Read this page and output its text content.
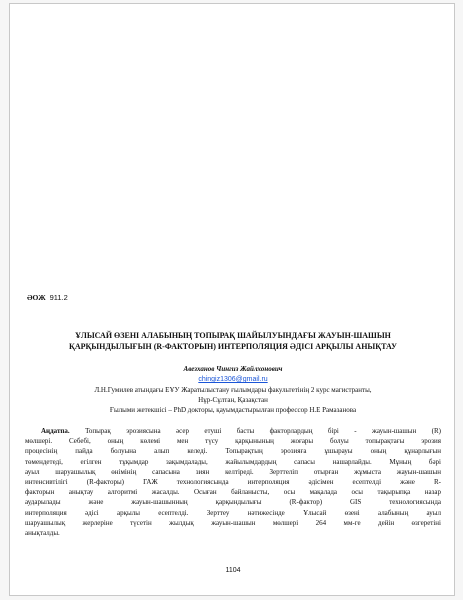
ӘОЖ 911.2
ҰЛЫСАЙ ӨЗЕНІ АЛАБЫНЫҢ ТОПЫРАҚ ШАЙЫЛУЫНДАҒЫ ЖАУЫН-ШАШЫН
ҚАРҚЫНДЫЛЫҒЫН (R-ФАКТОРЫН) ИНТЕРПОЛЯЦИЯ ӘДІСІ АРҚЫЛЫ АНЫҚТАУ
Авезханов Чингиз Жайлхонович
chingiz1306@gmail.ru
Л.Н.Гумилев атындағы ЕҰУ Жаратылыстану ғылымдары факультетінің 2 курс магистранты,
Нұр-Сұлтан, Қазақстан
Ғылыми жетекшісі – PhD докторы, қауымдастырылған профессор Н.Е Рамазанова
Аңдатпа. Топырақ эрозиясына әсер етуші басты факторлардың бірі - жауын-шашын (R)
мөлшері. Себебі, оның көлемі мен түсу қарқынының жоғары болуы топырақтағы эрозия
процесінің пайда болуына алып келеді. Топырақтың эрозияға ұшырауы оның құнарлығын
төмендетеді, егілген тұқымдар зақымдалады, жайылымдардың сапасы нашарлайды. Мұның бәрі
ауыл шаруашылық өнімінің сапасына зиян келтіреді. Зерттеліп отырған жұмыста жауын-шашын
интенсивтілігі (R-факторы) ГАЖ технологиясында интерполяция әдісімен есептелді және R-
факторын анықтау алгоритмі жасалды. Осыған байланысты, осы мақалада осы тақырыпқа назар
аударылады және жауын-шашынның қарқындылығы (R-фактор) GIS технологиясында
интерполяция әдісі арқылы есептелді. Зерттеу нәтижесінде Ұлысай өзені алабының ауыл
шаруашылық жерлеріне түсетін жылдық жауын-шашын мөлшері 264 мм-ге дейін өзгеретіні
анықталды.
1104
